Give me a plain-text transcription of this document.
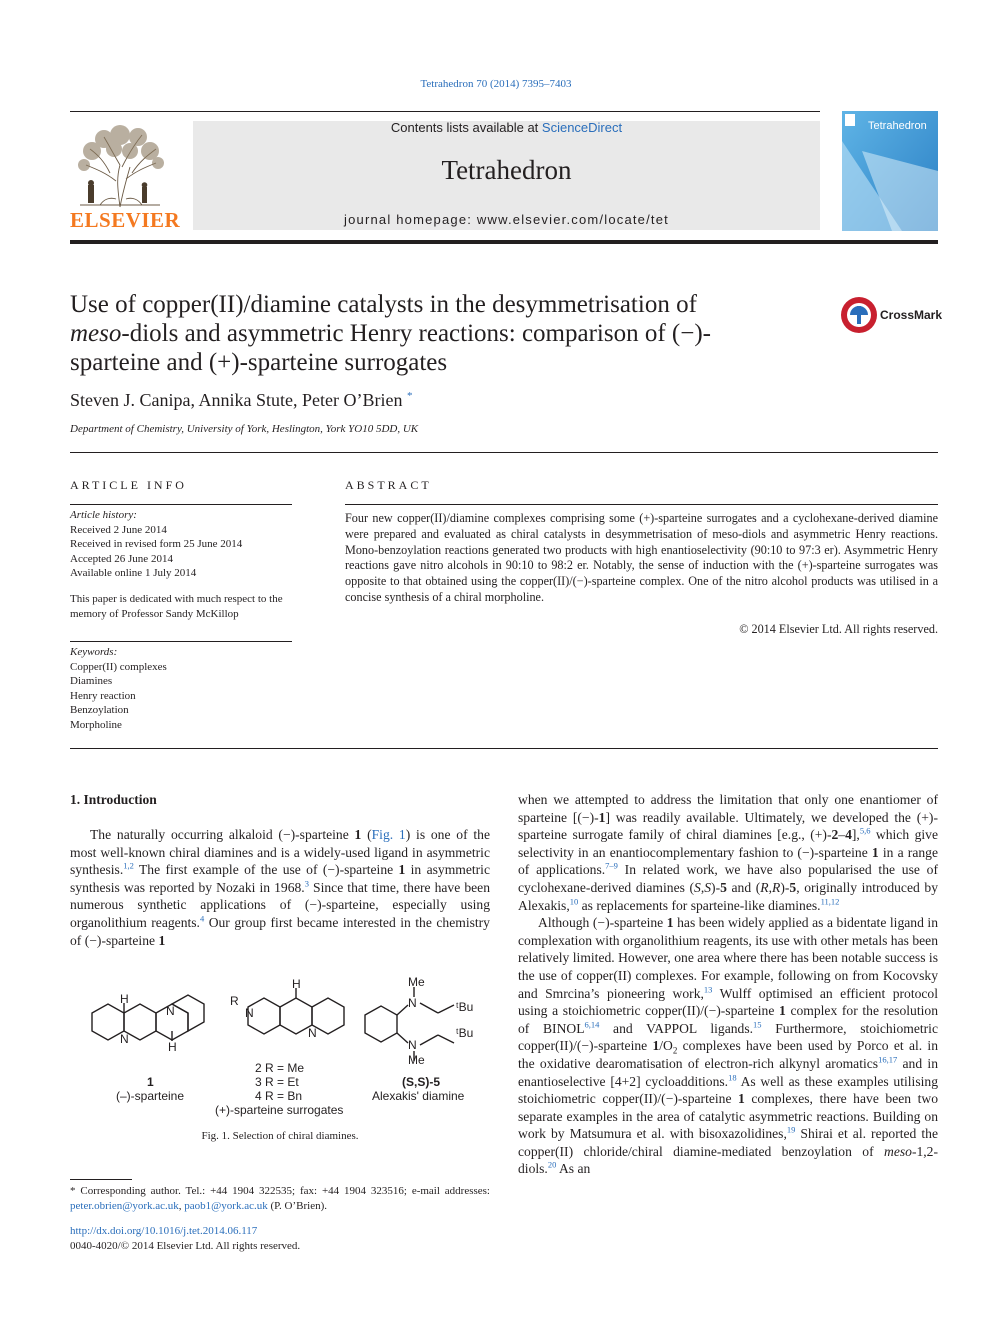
Tetrahedron 70 (2014) 7395–7403
ELSEVIER
Contents lists available at ScienceDirect
Tetrahedron
journal homepage: www.elsevier.com/locate/tet
Tetrahedron
Use of copper(II)/diamine catalysts in the desymmetrisation of meso-diols and asymmetric Henry reactions: comparison of (−)-sparteine and (+)-sparteine surrogates
CrossMark
Steven J. Canipa, Annika Stute, Peter O’Brien *
Department of Chemistry, University of York, Heslington, York YO10 5DD, UK
ARTICLE INFO
Article history:
Received 2 June 2014
Received in revised form 25 June 2014
Accepted 26 June 2014
Available online 1 July 2014
This paper is dedicated with much respect to the memory of Professor Sandy McKillop
Keywords:
Copper(II) complexes
Diamines
Henry reaction
Benzoylation
Morpholine
ABSTRACT
Four new copper(II)/diamine complexes comprising some (+)-sparteine surrogates and a cyclohexane-derived diamine were prepared and evaluated as chiral catalysts in desymmetrisation of meso-diols and asymmetric Henry reactions. Mono-benzoylation reactions generated two products with high enantioselectivity (90:10 to 97:3 er). Asymmetric Henry reactions gave nitro alcohols in 90:10 to 98:2 er. Notably, the sense of induction with the (+)-sparteine surrogates was opposite to that obtained using the copper(II)/(−)-sparteine complex. One of the nitro alcohol products was utilised in a concise synthesis of a chiral morpholine.
© 2014 Elsevier Ltd. All rights reserved.
1. Introduction

The naturally occurring alkaloid (−)-sparteine 1 (Fig. 1) is one of the most well-known chiral diamines and is a widely-used ligand in asymmetric synthesis.$^{1,2}$ The first example of the use of (−)-sparteine 1 in asymmetric synthesis was reported by Nozaki in 1968.$^3$ Since that time, there have been numerous synthetic applications of (−)-sparteine, especially using organolithium reagents.$^4$ Our group first became interested in the chemistry of (−)-sparteine 1

H
H
N
N
1
(–)-sparteine
R
N
H
N
2 R = Me
3 R = Et
4 R = Bn
(+)-sparteine surrogates
Me
N	ᵗBu
ᵗBu
N
Me
(S,S)-5
Alexakis' diamine
Fig. 1. Selection of chiral diamines.
* Corresponding author. Tel.: +44 1904 322535; fax: +44 1904 323516; e-mail addresses: peter.obrien@york.ac.uk, paob1@york.ac.uk (P. O’Brien).
http://dx.doi.org/10.1016/j.tet.2014.06.117
0040-4020/© 2014 Elsevier Ltd. All rights reserved.

when we attempted to address the limitation that only one enantiomer of sparteine [(−)-1] was readily available. Ultimately, we developed the (+)-sparteine surrogate family of chiral diamines [e.g., (+)-2–4],$^{5,6}$ which give selectivity in an enantiocomplementary fashion to (−)-sparteine 1 in a range of applications.$^{7-9}$ In related work, we have also popularised the use of cyclohexane-derived diamines (S,S)-5 and (R,R)-5, originally introduced by Alexakis,$^{10}$ as replacements for sparteine-like diamines.$^{11,12}$

Although (−)-sparteine 1 has been widely applied as a bidentate ligand in complexation with organolithium reagents, its use with other metals has been relatively limited. However, one area where there has been notable success is the use of copper(II) complexes. For example, following on from Kocovsky and Smrcina’s pioneering work,$^{13}$ Wulff optimised an efficient protocol using a stoichiometric copper(II)/(−)-sparteine 1 complex for the resolution of BINOL$^{6,14}$ and VAPPOL ligands.$^{15}$ Furthermore, stoichiometric copper(II)/(−)-sparteine $1/O_2$ complexes have been used by Porco et al. in the oxidative dearomatisation of electron-rich alkynyl aromatics$^{16,17}$ and in enantioselective [4+2] cycloadditions.$^{18}$ As well as these examples utilising stoichiometric copper(II)/(−)-sparteine 1 complexes, there have been two separate examples in the area of catalytic asymmetric reactions. Building on work by Matsumura et al. with bisoxazolidines,$^{19}$ Shirai et al. reported the copper(II) chloride/chiral diamine-mediated benzoylation of meso-1,2-diols.$^{20}$ As an
